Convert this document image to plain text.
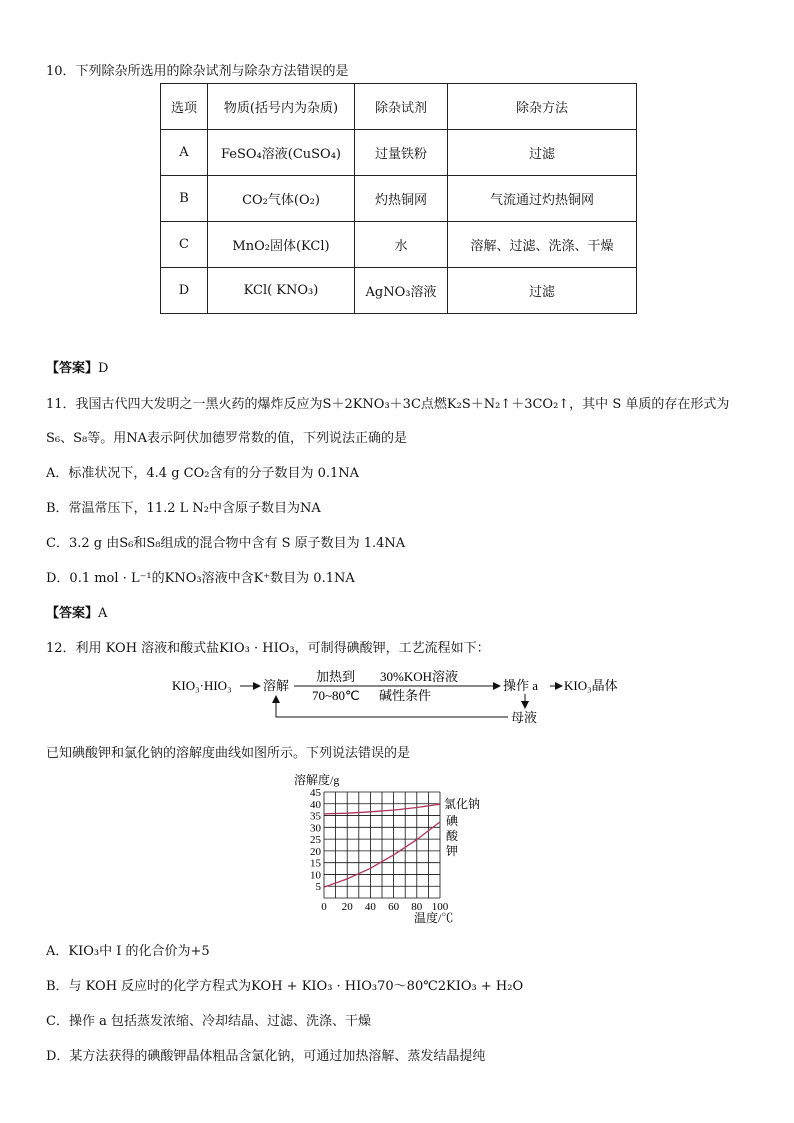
10．下列除杂所选用的除杂试剂与除杂方法错误的是
选项	物质(括号内为杂质)	除杂试剂	除杂方法
A	FeSO₄溶液(CuSO₄)	过量铁粉	过滤
B	CO₂气体(O₂)	灼热铜网	气流通过灼热铜网
C	MnO₂固体(KCl)	水	溶解、过滤、洗涤、干燥
D	KCl( KNO₃)	AgNO₃溶液	过滤
【答案】D
11．我国古代四大发明之一黑火药的爆炸反应为S＋2KNO₃＋3C点燃K₂S＋N₂↑＋3CO₂↑，其中 S 单质的存在形式为
S₆、S₈等。用NA表示阿伏加德罗常数的值，下列说法正确的是
A．标准状况下，4.4 g CO₂含有的分子数目为 0.1NA
B．常温常压下，11.2 L N₂中含原子数目为NA
C．3.2 g 由S₆和S₈组成的混合物中含有 S 原子数目为 1.4NA
D．0.1 mol · L⁻¹的KNO₃溶液中含K⁺数目为 0.1NA
【答案】A
12．利用 KOH 溶液和酸式盐KIO₃ · HIO₃，可制得碘酸钾，工艺流程如下：
KIO₃·HIO₃ 溶解
加热到 30%KOH溶液
70~80℃ 碱性条件
操作 a KIO₃晶体
母液
已知碘酸钾和氯化钠的溶解度曲线如图所示。下列说法错误的是
0 20 40 60 80 100
5
10
15
20
25
30
35
40
45
溶解度/g
温度/℃
氯化钠
碘
酸
钾
A．KIO₃中 I 的化合价为+5
B．与 KOH 反应时的化学方程式为KOH + KIO₃ · HIO₃70～80℃2KIO₃ + H₂O
C．操作 a 包括蒸发浓缩、冷却结晶、过滤、洗涤、干燥
D．某方法获得的碘酸钾晶体粗品含氯化钠，可通过加热溶解、蒸发结晶提纯
